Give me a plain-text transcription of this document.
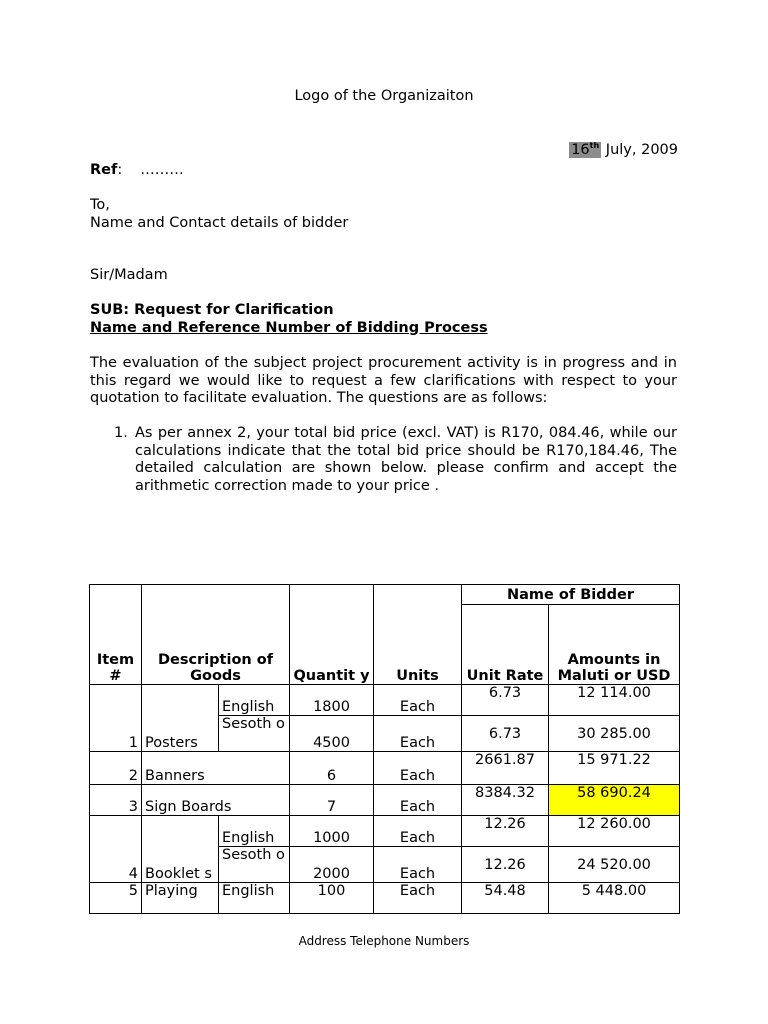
Logo of the Organizaiton
16th July, 2009
Ref: ………
To,
Name and Contact details of bidder
Sir/Madam
SUB: Request for Clarification
Name and Reference Number of Bidding Process
The evaluation of the subject project procurement activity is in progress and in this regard we would like to request a few clarifications with respect to your quotation to facilitate evaluation. The questions are as follows:
1. As per annex 2, your total bid price (excl. VAT) is R170, 084.46, while our calculations indicate that the total bid price should be R170,184.46, The detailed calculation are shown below. please confirm and accept the arithmetic correction made to your price .
Item #	Description of Goods		Quantit y	Units	Name of Bidder	
					Unit Rate	Amounts in Maluti or USD
1	Posters	English	1800	Each	6.73	12 114.00
		Sesoth o	4500	Each	6.73	30 285.00
2	Banners		6	Each	2661.87	15 971.22
3	Sign Boards		7	Each	8384.32	58 690.24
4	Booklet s	English	1000	Each	12.26	12 260.00
		Sesoth o	2000	Each	12.26	24 520.00
5	Playing	English	100	Each	54.48	5 448.00
Address Telephone Numbers
